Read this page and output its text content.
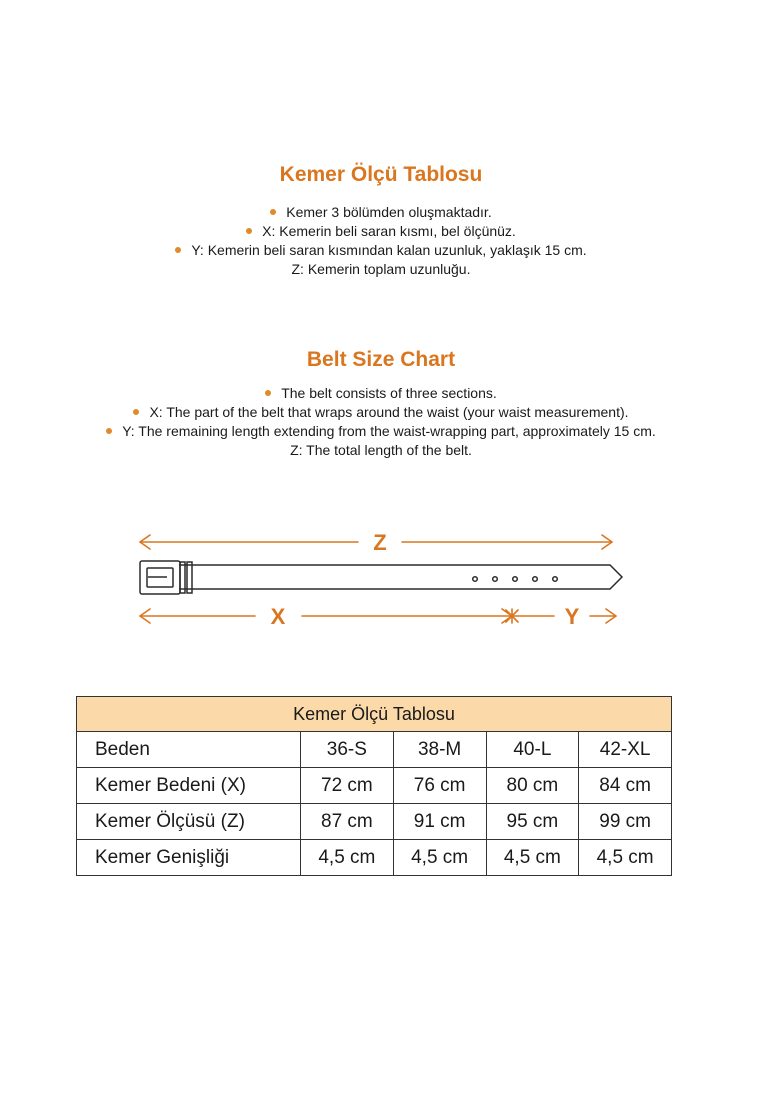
Kemer Ölçü Tablosu
Kemer 3 bölümden oluşmaktadır.
X: Kemerin beli saran kısmı, bel ölçünüz.
Y: Kemerin beli saran kısmından kalan uzunluk, yaklaşık 15 cm.
Z: Kemerin toplam uzunluğu.
Belt Size Chart
The belt consists of three sections.
X: The part of the belt that wraps around the waist (your waist measurement).
Y: The remaining length extending from the waist-wrapping part, approximately 15 cm.
Z: The total length of the belt.
Z
X	Y
Kemer Ölçü Tablosu				
Beden	36-S	38-M	40-L	42-XL
Kemer Bedeni (X)	72 cm	76 cm	80 cm	84 cm
Kemer Ölçüsü (Z)	87 cm	91 cm	95 cm	99 cm
Kemer Genişliği	4,5 cm	4,5 cm	4,5 cm	4,5 cm
